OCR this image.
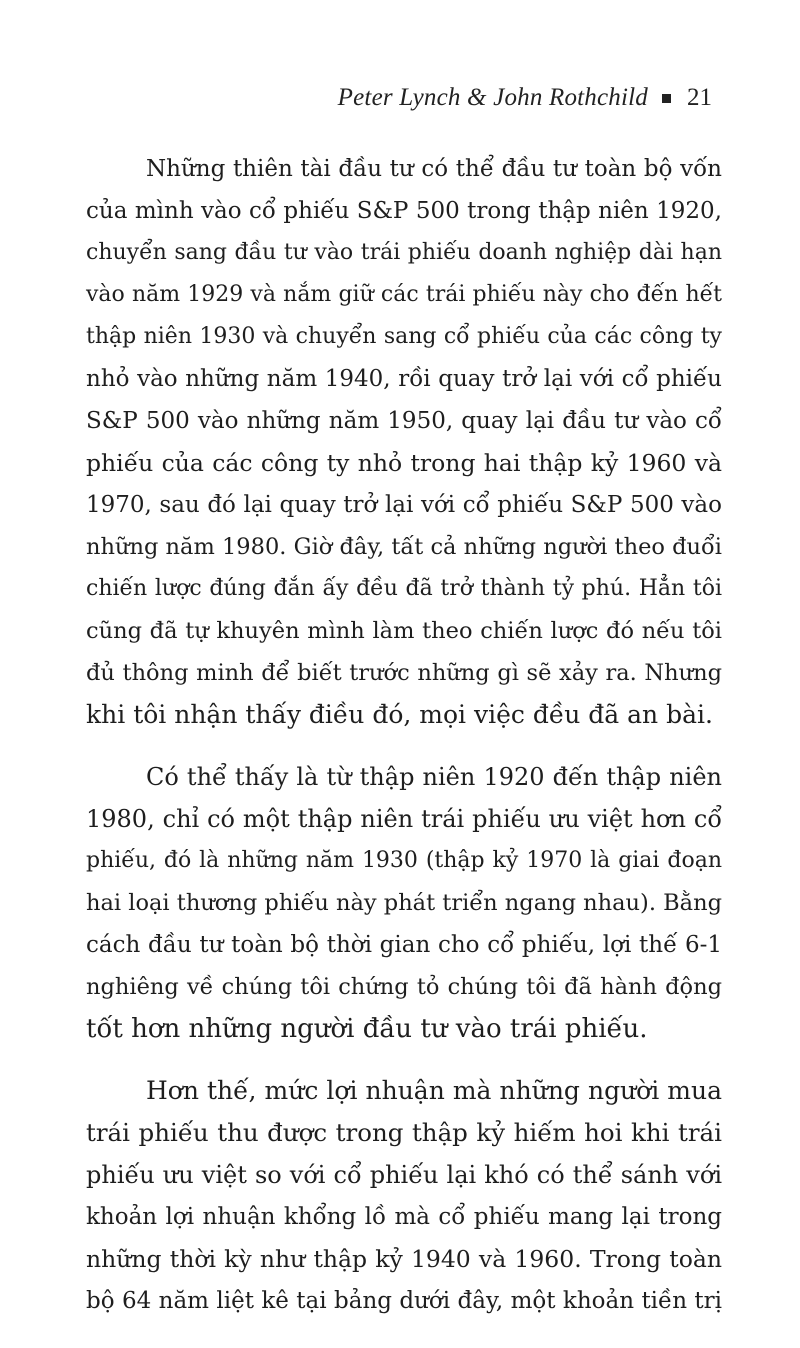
Peter Lynch & John Rothchild 21
Những thiên tài đầu tư có thể đầu tư toàn bộ vốn
của mình vào cổ phiếu S&P 500 trong thập niên 1920,
chuyển sang đầu tư vào trái phiếu doanh nghiệp dài hạn
vào năm 1929 và nắm giữ các trái phiếu này cho đến hết
thập niên 1930 và chuyển sang cổ phiếu của các công ty
nhỏ vào những năm 1940, rồi quay trở lại với cổ phiếu
S&P 500 vào những năm 1950, quay lại đầu tư vào cổ
phiếu của các công ty nhỏ trong hai thập kỷ 1960 và
1970, sau đó lại quay trở lại với cổ phiếu S&P 500 vào
những năm 1980. Giờ đây, tất cả những người theo đuổi
chiến lược đúng đắn ấy đều đã trở thành tỷ phú. Hẳn tôi
cũng đã tự khuyên mình làm theo chiến lược đó nếu tôi
đủ thông minh để biết trước những gì sẽ xảy ra. Nhưng
khi tôi nhận thấy điều đó, mọi việc đều đã an bài.
Có thể thấy là từ thập niên 1920 đến thập niên
1980, chỉ có một thập niên trái phiếu ưu việt hơn cổ
phiếu, đó là những năm 1930 (thập kỷ 1970 là giai đoạn
hai loại thương phiếu này phát triển ngang nhau). Bằng
cách đầu tư toàn bộ thời gian cho cổ phiếu, lợi thế 6-1
nghiêng về chúng tôi chứng tỏ chúng tôi đã hành động
tốt hơn những người đầu tư vào trái phiếu.
Hơn thế, mức lợi nhuận mà những người mua
trái phiếu thu được trong thập kỷ hiếm hoi khi trái
phiếu ưu việt so với cổ phiếu lại khó có thể sánh với
khoản lợi nhuận khổng lồ mà cổ phiếu mang lại trong
những thời kỳ như thập kỷ 1940 và 1960. Trong toàn
bộ 64 năm liệt kê tại bảng dưới đây, một khoản tiền trị
